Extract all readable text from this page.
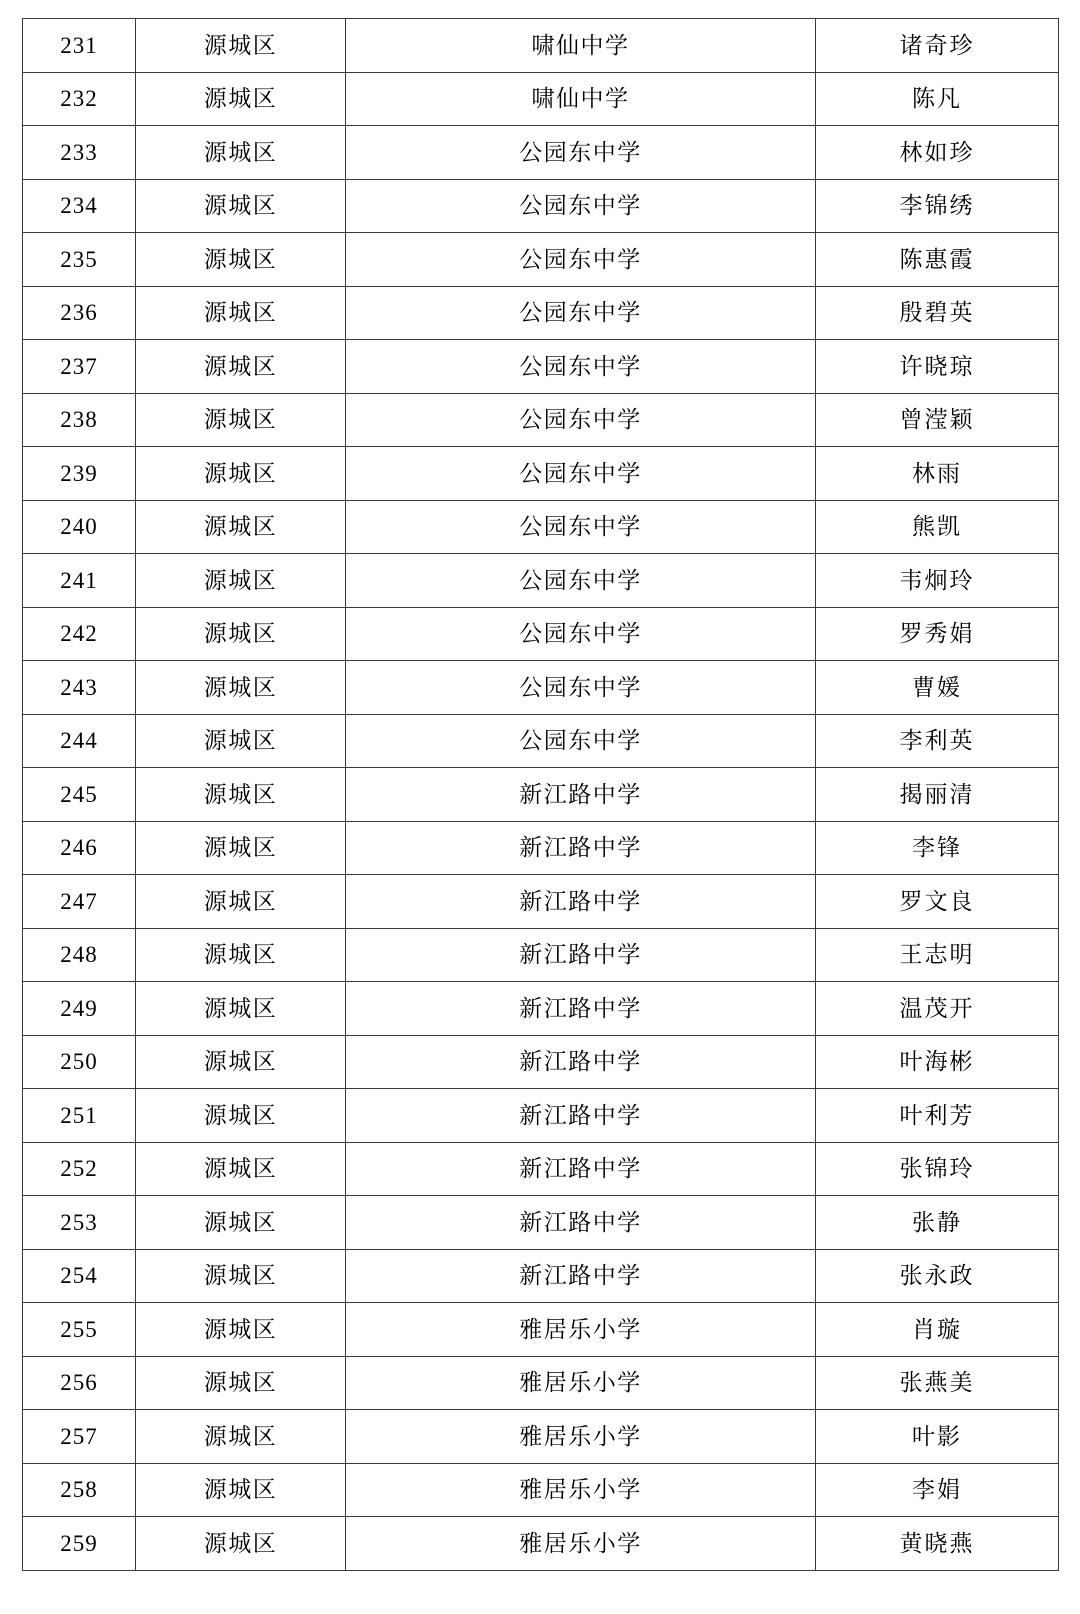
231	源城区	啸仙中学	诸奇珍
232	源城区	啸仙中学	陈凡
233	源城区	公园东中学	林如珍
234	源城区	公园东中学	李锦绣
235	源城区	公园东中学	陈惠霞
236	源城区	公园东中学	殷碧英
237	源城区	公园东中学	许晓琼
238	源城区	公园东中学	曾滢颖
239	源城区	公园东中学	林雨
240	源城区	公园东中学	熊凯
241	源城区	公园东中学	韦炯玲
242	源城区	公园东中学	罗秀娟
243	源城区	公园东中学	曹媛
244	源城区	公园东中学	李利英
245	源城区	新江路中学	揭丽清
246	源城区	新江路中学	李锋
247	源城区	新江路中学	罗文良
248	源城区	新江路中学	王志明
249	源城区	新江路中学	温茂开
250	源城区	新江路中学	叶海彬
251	源城区	新江路中学	叶利芳
252	源城区	新江路中学	张锦玲
253	源城区	新江路中学	张静
254	源城区	新江路中学	张永政
255	源城区	雅居乐小学	肖璇
256	源城区	雅居乐小学	张燕美
257	源城区	雅居乐小学	叶影
258	源城区	雅居乐小学	李娟
259	源城区	雅居乐小学	黄晓燕
